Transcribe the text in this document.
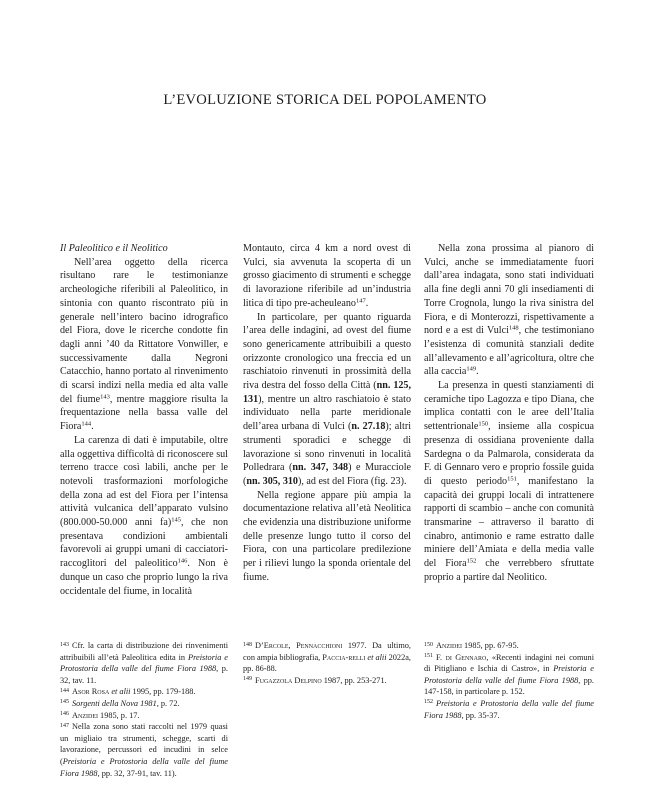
L’EVOLUZIONE STORICA DEL POPOLAMENTO

Il Paleolitico e il Neolitico

Nell’area oggetto della ricerca risultano rare le testimonianze archeologiche riferibili al Paleolitico, in sintonia con quanto riscontrato più in generale nell’intero bacino idrografico del Fiora, dove le ricerche condotte fin dagli anni ’40 da Rittatore Vonwiller, e successivamente dalla Negroni Catacchio, hanno portato al rinvenimento di scarsi indizi nella media ed alta valle del fiume$^{143}$, mentre maggiore risulta la frequentazione nella bassa valle del Fiora$^{144}$.

La carenza di dati è imputabile, oltre alla oggettiva difficoltà di riconoscere sul terreno tracce così labili, anche per le notevoli trasformazioni morfologiche della zona ad est del Fiora per l’intensa attività vulcanica dell’apparato vulsino (800.000-50.000 anni fa)$^{145}$, che non presentava condizioni ambientali favorevoli ai gruppi umani di cacciatori-raccoglitori del paleolitico$^{146}$. Non è dunque un caso che proprio lungo la riva occidentale del fiume, in località

Montauto, circa 4 km a nord ovest di Vulci, sia avvenuta la scoperta di un grosso giacimento di strumenti e schegge di lavorazione riferibile ad un’industria litica di tipo pre-acheuleano$^{147}$.

In particolare, per quanto riguarda l’area delle indagini, ad ovest del fiume sono genericamente attribuibili a questo orizzonte cronologico una freccia ed un raschiatoio rinvenuti in prossimità della riva destra del fosso della Città (nn. 125, 131), mentre un altro raschiatoio è stato individuato nella parte meridionale dell’area urbana di Vulci (n. 27.18); altri strumenti sporadici e schegge di lavorazione si sono rinvenuti in località Polledrara (nn. 347, 348) e Muracciole (nn. 305, 310), ad est del Fiora (fig. 23).

Nella regione appare più ampia la documentazione relativa all’età Neolitica che evidenzia una distribuzione uniforme delle presenze lungo tutto il corso del Fiora, con una particolare predilezione per i rilievi lungo la sponda orientale del fiume.

Nella zona prossima al pianoro di Vulci, anche se immediatamente fuori dall’area indagata, sono stati individuati alla fine degli anni 70 gli insediamenti di Torre Crognola, lungo la riva sinistra del Fiora, e di Monterozzi, rispettivamente a nord e a est di Vulci$^{148}$, che testimoniano l’esistenza di comunità stanziali dedite all’allevamento e all’agricoltura, oltre che alla caccia$^{149}$.

La presenza in questi stanziamenti di ceramiche tipo Lagozza e tipo Diana, che implica contatti con le aree dell’Italia settentrionale$^{150}$, insieme alla cospicua presenza di ossidiana proveniente dalla Sardegna o da Palmarola, considerata da F. di Gennaro vero e proprio fossile guida di questo periodo$^{151}$, manifestano la capacità dei gruppi locali di intrattenere rapporti di scambio – anche con comunità transmarine – attraverso il baratto di cinabro, antimonio e rame estratto dalle miniere dell’Amiata e della media valle del Fiora$^{152}$ che verrebbero sfruttate proprio a partire dal Neolitico.

$^{143}$ Cfr. la carta di distribuzione dei rinvenimenti attribuibili all’età Paleolitica edita in Preistoria e Protostoria della valle del fiume Fiora 1988, p. 32, tav. 11.

$^{144}$ Asor Rosa et alii 1995, pp. 179-188.

$^{145}$ Sorgenti della Nova 1981, p. 72.

$^{146}$ Anzidei 1985, p. 17.

$^{147}$ Nella zona sono stati raccolti nel 1979 quasi un migliaio tra strumenti, schegge, scarti di lavorazione, percussori ed incudini in selce (Preistoria e Protostoria della valle del fiume Fiora 1988, pp. 32, 37-91, tav. 11).

$^{148}$ D’Ercole, Pennacchioni 1977. Da ultimo, con ampia bibliografia, Paccia-relli et alii 2022a, pp. 86-88.

$^{149}$ Fugazzola Delpino 1987, pp. 253-271.

$^{150}$ Anzidei 1985, pp. 67-95.

$^{151}$ F. di Gennaro, «Recenti indagini nei comuni di Pitigliano e Ischia di Castro», in Preistoria e Protostoria della valle del fiume Fiora 1988, pp. 147-158, in particolare p. 152.

$^{152}$ Preistoria e Protostoria della valle del fiume Fiora 1988, pp. 35-37.
